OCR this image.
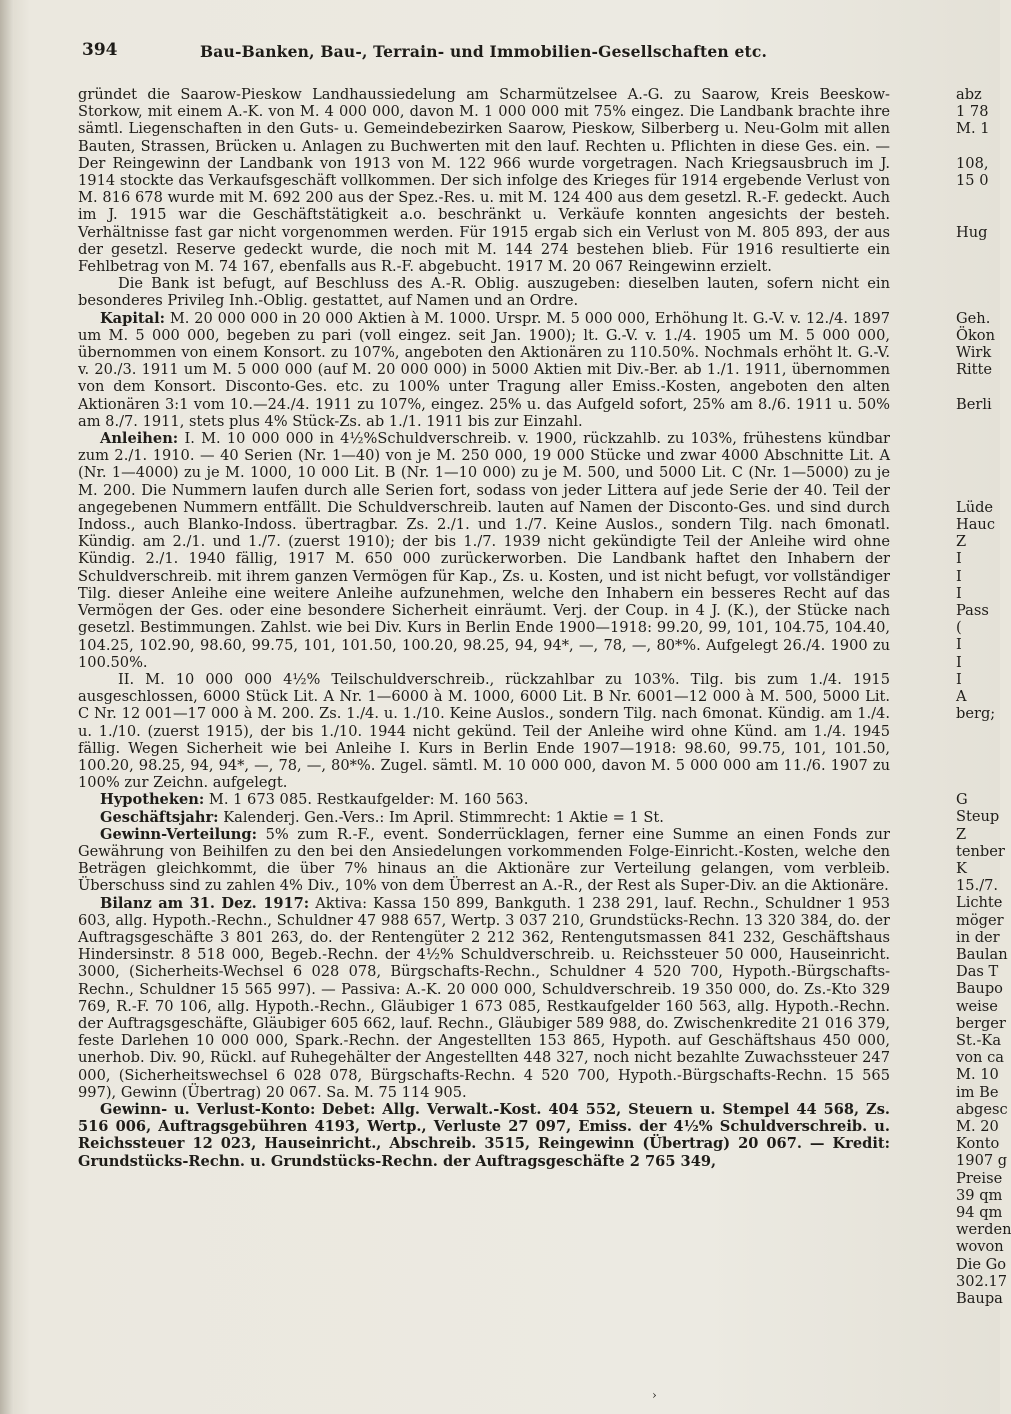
394	Bau-Banken, Bau-, Terrain- und Immobilien-Gesellschaften etc.

gründet die Saarow-Pieskow Landhaussiedelung am Scharmützelsee A.-G. zu Saarow, Kreis Beeskow-Storkow, mit einem A.-K. von M. 4 000 000, davon M. 1 000 000 mit 75% eingez. Die Landbank brachte ihre sämtl. Liegenschaften in den Guts- u. Gemeindebezirken Saarow, Pieskow, Silberberg u. Neu-Golm mit allen Bauten, Strassen, Brücken u. Anlagen zu Buchwerten mit den lauf. Rechten u. Pflichten in diese Ges. ein. — Der Reingewinn der Landbank von 1913 von M. 122 966 wurde vorgetragen. Nach Kriegsausbruch im J. 1914 stockte das Verkaufsgeschäft vollkommen. Der sich infolge des Krieges für 1914 ergebende Verlust von M. 816 678 wurde mit M. 692 200 aus der Spez.-Res. u. mit M. 124 400 aus dem gesetzl. R.-F. gedeckt. Auch im J. 1915 war die Geschäftstätigkeit a.o. beschränkt u. Verkäufe konnten angesichts der besteh. Verhältnisse fast gar nicht vorgenommen werden. Für 1915 ergab sich ein Verlust von M. 805 893, der aus der gesetzl. Reserve gedeckt wurde, die noch mit M. 144 274 bestehen blieb. Für 1916 resultierte ein Fehlbetrag von M. 74 167, ebenfalls aus R.-F. abgebucht. 1917 M. 20 067 Reingewinn erzielt.

Die Bank ist befugt, auf Beschluss des A.-R. Oblig. auszugeben: dieselben lauten, sofern nicht ein besonderes Privileg Inh.-Oblig. gestattet, auf Namen und an Ordre.

Kapital: M. 20 000 000 in 20 000 Aktien à M. 1000. Urspr. M. 5 000 000, Erhöhung lt. G.-V. v. 12./4. 1897 um M. 5 000 000, begeben zu pari (voll eingez. seit Jan. 1900); lt. G.-V. v. 1./4. 1905 um M. 5 000 000, übernommen von einem Konsort. zu 107%, angeboten den Aktionären zu 110.50%. Nochmals erhöht lt. G.-V. v. 20./3. 1911 um M. 5 000 000 (auf M. 20 000 000) in 5000 Aktien mit Div.-Ber. ab 1./1. 1911, übernommen von dem Konsort. Disconto-Ges. etc. zu 100% unter Tragung aller Emiss.-Kosten, angeboten den alten Aktionären 3:1 vom 10.—24./4. 1911 zu 107%, eingez. 25% u. das Aufgeld sofort, 25% am 8./6. 1911 u. 50% am 8./7. 1911, stets plus 4% Stück-Zs. ab 1./1. 1911 bis zur Einzahl.

Anleihen: I. M. 10 000 000 in 4½%Schuldverschreib. v. 1900, rückzahlb. zu 103%, frühestens kündbar zum 2./1. 1910. — 40 Serien (Nr. 1—40) von je M. 250 000, 19 000 Stücke und zwar 4000 Abschnitte Lit. A (Nr. 1—4000) zu je M. 1000, 10 000 Lit. B (Nr. 1—10 000) zu je M. 500, und 5000 Lit. C (Nr. 1—5000) zu je M. 200. Die Nummern laufen durch alle Serien fort, sodass von jeder Littera auf jede Serie der 40. Teil der angegebenen Nummern entfällt. Die Schuldverschreib. lauten auf Namen der Disconto-Ges. und sind durch Indoss., auch Blanko-Indoss. übertragbar. Zs. 2./1. und 1./7. Keine Auslos., sondern Tilg. nach 6monatl. Kündig. am 2./1. und 1./7. (zuerst 1910); der bis 1./7. 1939 nicht gekündigte Teil der Anleihe wird ohne Kündig. 2./1. 1940 fällig, 1917 M. 650 000 zurückerworben. Die Landbank haftet den Inhabern der Schuldverschreib. mit ihrem ganzen Vermögen für Kap., Zs. u. Kosten, und ist nicht befugt, vor vollständiger Tilg. dieser Anleihe eine weitere Anleihe aufzunehmen, welche den Inhabern ein besseres Recht auf das Vermögen der Ges. oder eine besondere Sicherheit einräumt. Verj. der Coup. in 4 J. (K.), der Stücke nach gesetzl. Bestimmungen. Zahlst. wie bei Div. Kurs in Berlin Ende 1900—1918: 99.20, 99, 101, 104.75, 104.40, 104.25, 102.90, 98.60, 99.75, 101, 101.50, 100.20, 98.25, 94, 94*, —, 78, —, 80*%. Aufgelegt 26./4. 1900 zu 100.50%.

II. M. 10 000 000 4½% Teilschuldverschreib., rückzahlbar zu 103%. Tilg. bis zum 1./4. 1915 ausgeschlossen, 6000 Stück Lit. A Nr. 1—6000 à M. 1000, 6000 Lit. B Nr. 6001—12 000 à M. 500, 5000 Lit. C Nr. 12 001—17 000 à M. 200. Zs. 1./4. u. 1./10. Keine Auslos., sondern Tilg. nach 6monat. Kündig. am 1./4. u. 1./10. (zuerst 1915), der bis 1./10. 1944 nicht gekünd. Teil der Anleihe wird ohne Künd. am 1./4. 1945 fällig. Wegen Sicherheit wie bei Anleihe I. Kurs in Berlin Ende 1907—1918: 98.60, 99.75, 101, 101.50, 100.20, 98.25, 94, 94*, —, 78, —, 80*%. Zugel. sämtl. M. 10 000 000, davon M. 5 000 000 am 11./6. 1907 zu 100% zur Zeichn. aufgelegt.

Hypotheken: M. 1 673 085. Restkaufgelder: M. 160 563.

Geschäftsjahr: Kalenderj. Gen.-Vers.: Im April. Stimmrecht: 1 Aktie = 1 St.

Gewinn-Verteilung: 5% zum R.-F., event. Sonderrücklagen, ferner eine Summe an einen Fonds zur Gewährung von Beihilfen zu den bei den Ansiedelungen vorkommenden Folge-Einricht.-Kosten, welche den Beträgen gleichkommt, die über 7% hinaus an die Aktionäre zur Verteilung gelangen, vom verbleib. Überschuss sind zu zahlen 4% Div., 10% von dem Überrest an A.-R., der Rest als Super-Div. an die Aktionäre.

Bilanz am 31. Dez. 1917: Aktiva: Kassa 150 899, Bankguth. 1 238 291, lauf. Rechn., Schuldner 1 953 603, allg. Hypoth.-Rechn., Schuldner 47 988 657, Wertp. 3 037 210, Grundstücks-Rechn. 13 320 384, do. der Auftragsgeschäfte 3 801 263, do. der Rentengüter 2 212 362, Rentengutsmassen 841 232, Geschäftshaus Hindersinstr. 8 518 000, Begeb.-Rechn. der 4½% Schuldverschreib. u. Reichssteuer 50 000, Hauseinricht. 3000, (Sicherheits-Wechsel 6 028 078, Bürgschafts-Rechn., Schuldner 4 520 700, Hypoth.-Bürgschafts-Rechn., Schuldner 15 565 997). — Passiva: A.-K. 20 000 000, Schuldverschreib. 19 350 000, do. Zs.-Kto 329 769, R.-F. 70 106, allg. Hypoth.-Rechn., Gläubiger 1 673 085, Restkaufgelder 160 563, allg. Hypoth.-Rechn. der Auftragsgeschäfte, Gläubiger 605 662, lauf. Rechn., Gläubiger 589 988, do. Zwischenkredite 21 016 379, feste Darlehen 10 000 000, Spark.-Rechn. der Angestellten 153 865, Hypoth. auf Geschäftshaus 450 000, unerhob. Div. 90, Rückl. auf Ruhegehälter der Angestellten 448 327, noch nicht bezahlte Zuwachssteuer 247 000, (Sicherheitswechsel 6 028 078, Bürgschafts-Rechn. 4 520 700, Hypoth.-Bürgschafts-Rechn. 15 565 997), Gewinn (Übertrag) 20 067. Sa. M. 75 114 905.

Gewinn- u. Verlust-Konto: Debet: Allg. Verwalt.-Kost. 404 552, Steuern u. Stempel 44 568, Zs. 516 006, Auftragsgebühren 4193, Wertp., Verluste 27 097, Emiss. der 4½% Schuldverschreib. u. Reichssteuer 12 023, Hauseinricht., Abschreib. 3515, Reingewinn (Übertrag) 20 067. — Kredit: Grundstücks-Rechn. u. Grundstücks-Rechn. der Auftragsgeschäfte 2 765 349,

abz
1 78
M. 1
108,
15 0
Hug
Geh.
Ökon
Wirk
Ritte
Berli
Lüde
Hauc
Z
I
I
I
Pass
(
I
I
I
A
berg;
G
Steup
Z
tenber
K
15./7.
Lichte
möger
in der
Baulan
Das T
Baupo
weise
berger
St.-Ka
von ca
M. 10
im Be
abgesc
M. 20
Konto
1907 g
Preise
39 qm
94 qm
werden
wovon
Die Go
302.17
Baupa
›
